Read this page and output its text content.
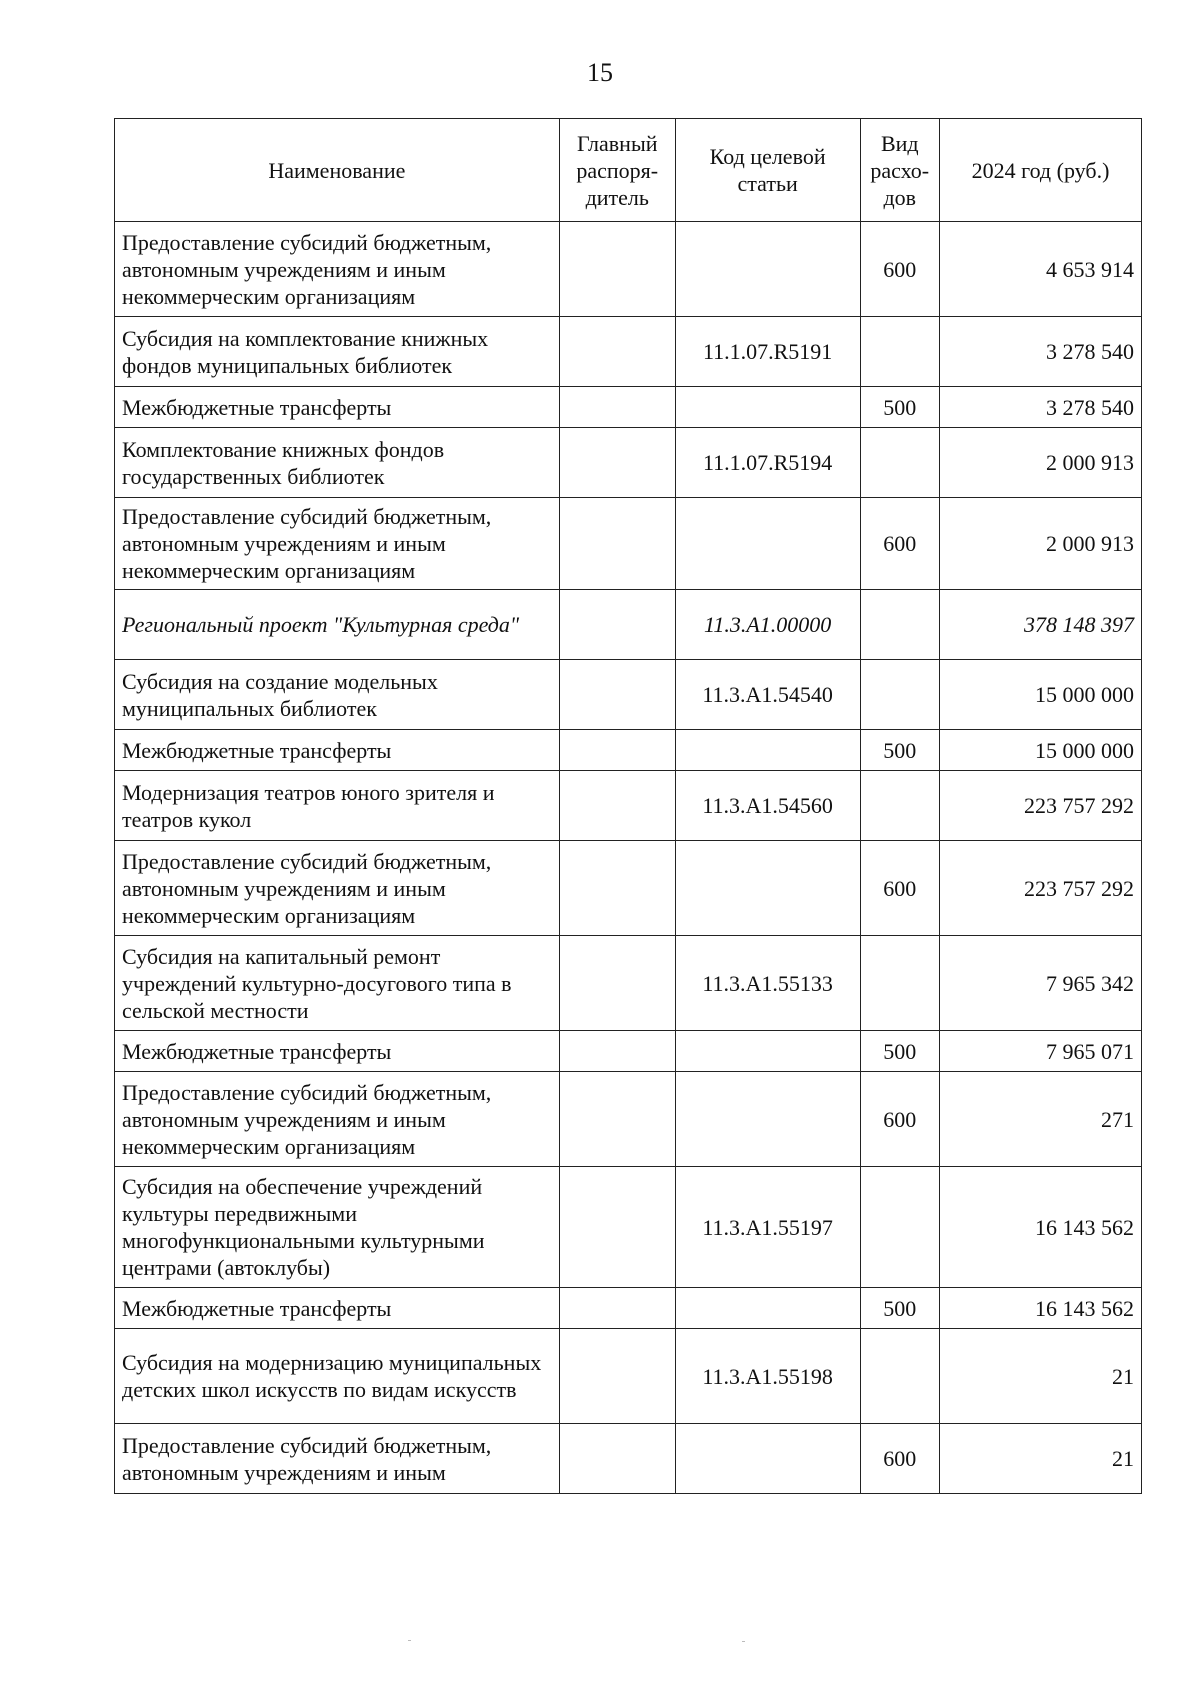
15
Наименование	Главный распоря- дитель	Код целевой статьи	Вид расхо- дов	2024 год (руб.)
Предоставление субсидий бюджетным, автономным учреждениям и иным некоммерческим организациям			600	4 653 914
Субсидия на комплектование книжных фондов муниципальных библиотек		11.1.07.R5191		3 278 540
Межбюджетные трансферты			500	3 278 540
Комплектование книжных фондов государственных библиотек		11.1.07.R5194		2 000 913
Предоставление субсидий бюджетным, автономным учреждениям и иным некоммерческим организациям			600	2 000 913
Региональный проект "Культурная среда"		11.3.А1.00000		378 148 397
Субсидия на создание модельных муниципальных библиотек		11.3.А1.54540		15 000 000
Межбюджетные трансферты			500	15 000 000
Модернизация театров юного зрителя и театров кукол		11.3.А1.54560		223 757 292
Предоставление субсидий бюджетным, автономным учреждениям и иным некоммерческим организациям			600	223 757 292
Субсидия на капитальный ремонт учреждений культурно-досугового типа в сельской местности		11.3.А1.55133		7 965 342
Межбюджетные трансферты			500	7 965 071
Предоставление субсидий бюджетным, автономным учреждениям и иным некоммерческим организациям			600	271
Субсидия на обеспечение учреждений культуры передвижными многофункциональными культурными центрами (автоклубы)		11.3.А1.55197		16 143 562
Межбюджетные трансферты			500	16 143 562
Субсидия на модернизацию муниципальных детских школ искусств по видам искусств		11.3.А1.55198		21
Предоставление субсидий бюджетным, автономным учреждениям и иным			600	21
